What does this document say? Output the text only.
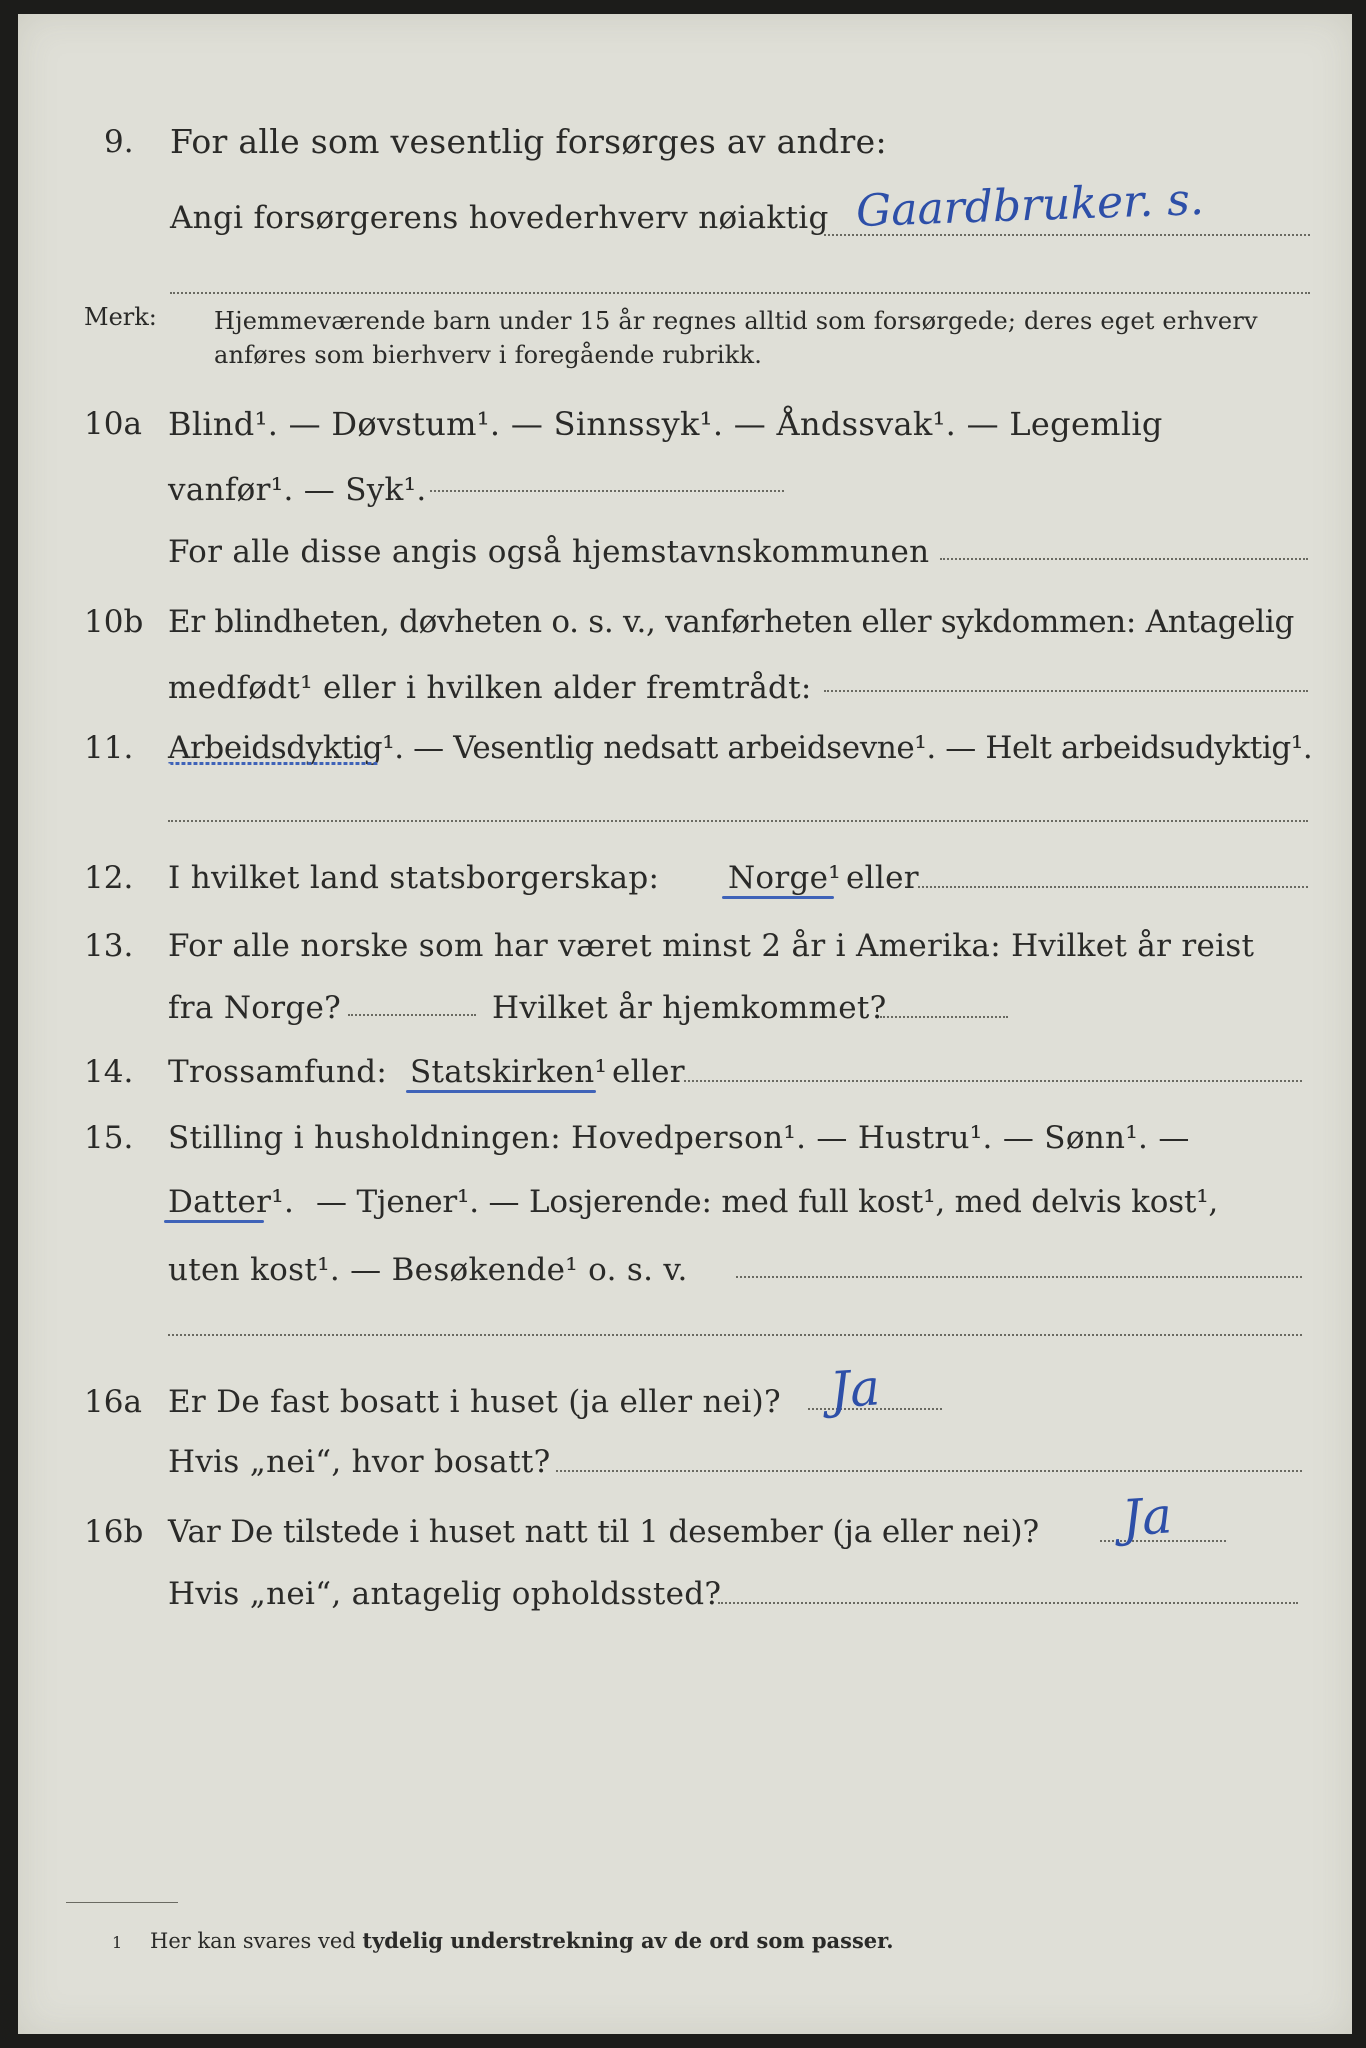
9. For alle som vesentlig forsørges av andre:
Angi forsørgerens hovederhverv nøiaktig Gaardbruker. s.
Merk: Hjemmeværende barn under 15 år regnes alltid som forsørgede; deres eget erhverv
anføres som bierhverv i foregående rubrikk.
10a Blind¹. — Døvstum¹. — Sinnssyk¹. — Åndssvak¹. — Legemlig
vanfør¹. — Syk¹.
For alle disse angis også hjemstavnskommunen
10b Er blindheten, døvheten o. s. v., vanførheten eller sykdommen: Antagelig
medfødt¹ eller i hvilken alder fremtrådt:
11. Arbeidsdyktig¹. — Vesentlig nedsatt arbeidsevne¹. — Helt arbeidsudyktig¹.
12. I hvilket land statsborgerskap: Norge¹ eller
13. For alle norske som har været minst 2 år i Amerika: Hvilket år reist
fra Norge?	Hvilket år hjemkommet?
14. Trossamfund: Statskirken¹ eller
15. Stilling i husholdningen: Hovedperson¹. — Hustru¹. — Sønn¹. —
Datter¹. — Tjener¹. — Losjerende: med full kost¹, med delvis kost¹,
uten kost¹. — Besøkende¹ o. s. v.
16a Er De fast bosatt i huset (ja eller nei)? Ja
Hvis „nei“, hvor bosatt?
16b Var De tilstede i huset natt til 1 desember (ja eller nei)? Ja
Hvis „nei“, antagelig opholdssted?
1 Her kan svares ved tydelig understrekning av de ord som passer.
